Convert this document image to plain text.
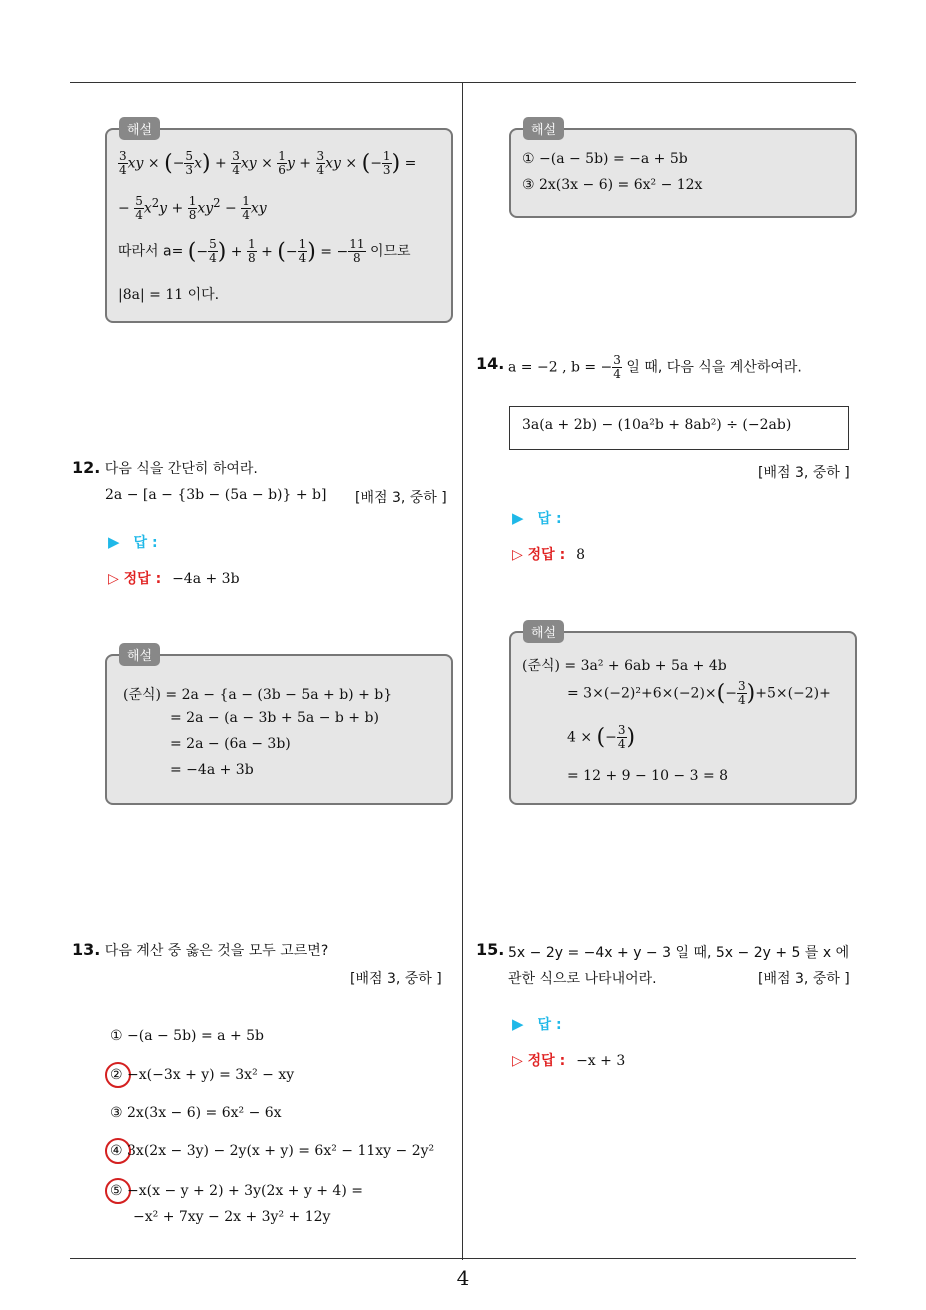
해설
$\frac{3}{4}$ xy × (− $\frac{5}{3} x) + \frac{3}{4}$ xy × $\frac{1}{6}$ $y + \frac{3}{4}$ xy × (− $\frac{1}{3}$ ) =
− $\frac{5}{4} x^2y + \frac{1}{8} xy^2 - \frac{1}{4}$ xy
따라서 a= (− $\frac{5}{4}$ ) + $\frac{1}{8}$ + (− $\frac{1}{4}$ ) = − $\frac{11}{8}$ 이므로
|8a| = 11 이다.
12. 다음 식을 간단히 하여라.
2a − [a − {3b − (5a − b)} + b] [배점 3, 중하 ]
▶ 답 :
▷ 정답 : −4a + 3b
해설
(준식) = 2a − {a − (3b − 5a + b) + b}
= 2a − (a − 3b + 5a − b + b)
= 2a − (6a − 3b)
= −4a + 3b
13. 다음 계산 중 옳은 것을 모두 고르면?
[배점 3, 중하 ]
① −(a − 5b) = a + 5b
② −x(−3x + y) = 3x² − xy
③ 2x(3x − 6) = 6x² − 6x
④ 3x(2x − 3y) − 2y(x + y) = 6x² − 11xy − 2y²
⑤ −x(x − y + 2) + 3y(2x + y + 4) =
−x² + 7xy − 2x + 3y² + 12y
해설
① −(a − 5b) = −a + 5b
③ 2x(3x − 6) = 6x² − 12x
14. a = −2 , b = − $\frac{3}{4}$ 일 때, 다음 식을 계산하여라.
3a(a + 2b) − (10a²b + 8ab²) ÷ (−2ab)
[배점 3, 중하 ]
▶ 답 :
▷ 정답 : 8
해설
(준식) = 3a² + 6ab + 5a + 4b
= $3\times(-2)^2+6\times(-2)\times(- \frac{3}{4} )+5\times(-2)+$
4 × (− $\frac{3}{4}$ )
= 12 + 9 − 10 − 3 = 8
15. 5x − 2y = −4x + y − 3 일 때, 5x − 2y + 5 를 x 에
관한 식으로 나타내어라.	[배점 3, 중하 ]
▶ 답 :
▷ 정답 : −x + 3
4
